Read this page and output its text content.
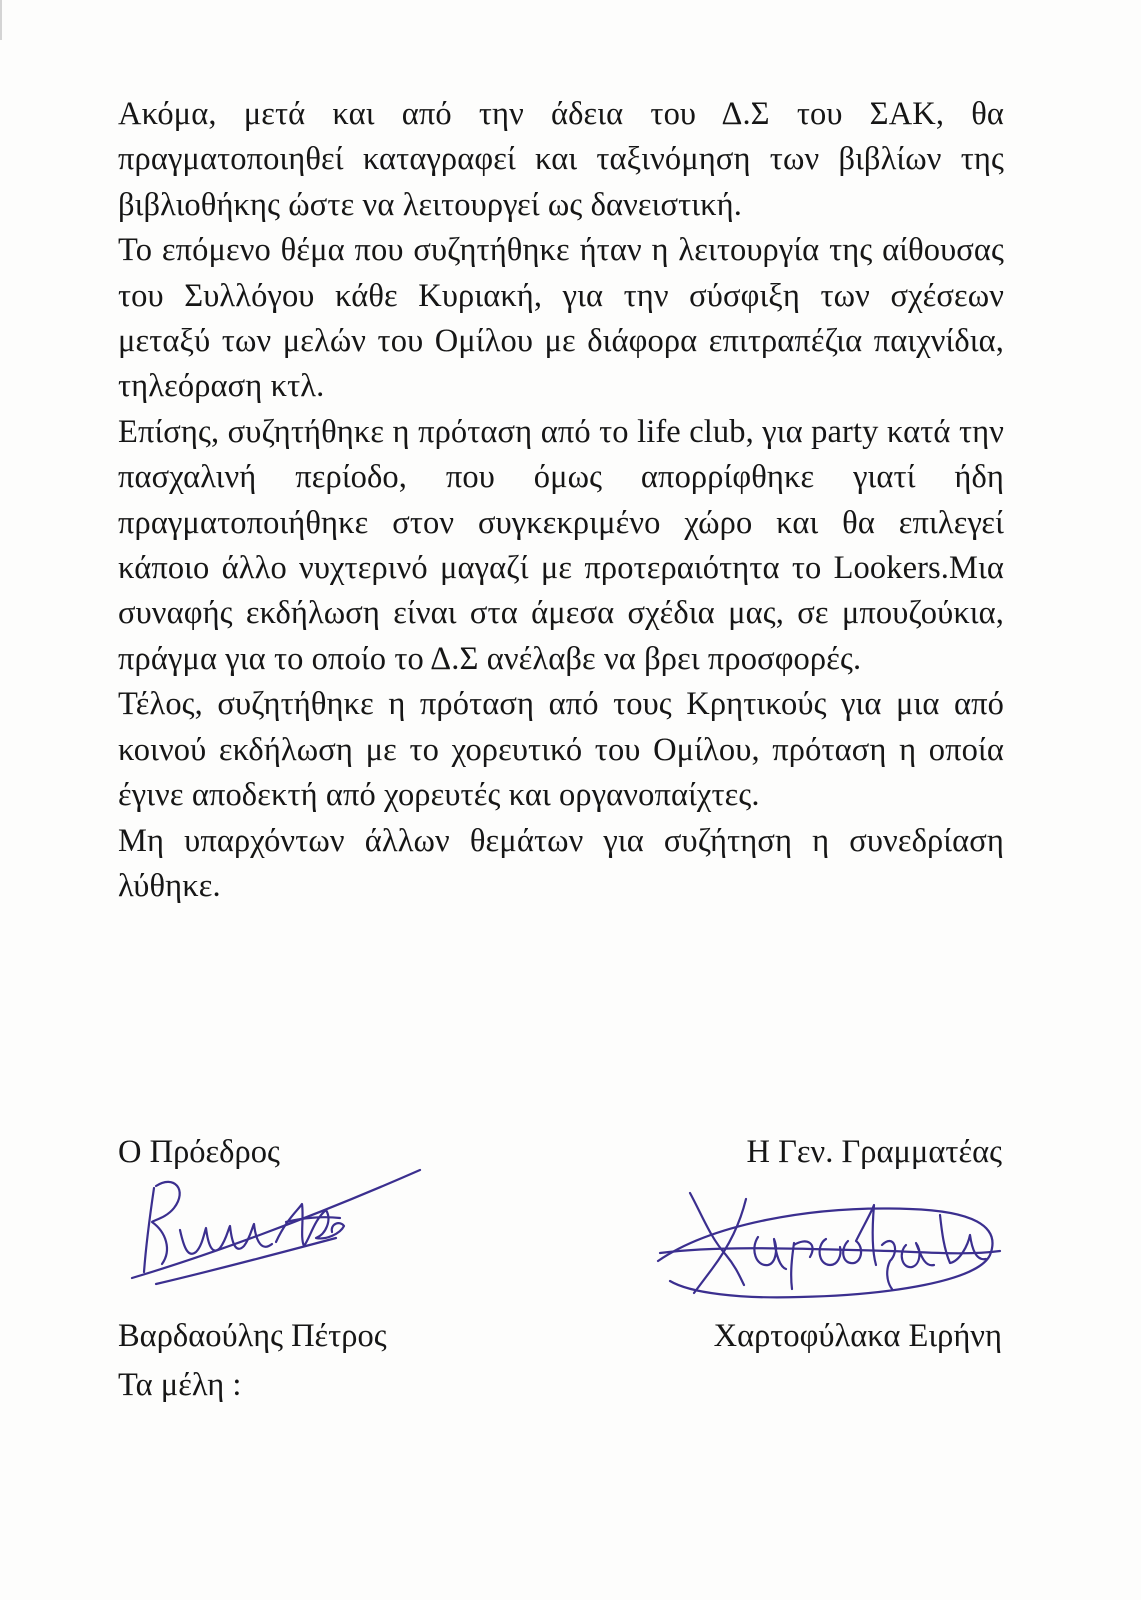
Ακόμα, μετά και από την άδεια του Δ.Σ του ΣΑΚ, θα πραγματοποιηθεί καταγραφεί και ταξινόμηση των βιβλίων της βιβλιοθήκης ώστε να λειτουργεί ως δανειστική.

Το επόμενο θέμα που συζητήθηκε ήταν η λειτουργία της αίθουσας του Συλλόγου κάθε Κυριακή, για την σύσφιξη των σχέσεων μεταξύ των μελών του Ομίλου με διάφορα επιτραπέζια παιχνίδια, τηλεόραση κτλ.

Επίσης, συζητήθηκε η πρόταση από το life club, για party κατά την πασχαλινή περίοδο, που όμως απορρίφθηκε γιατί ήδη πραγματοποιήθηκε στον συγκεκριμένο χώρο και θα επιλεγεί κάποιο άλλο νυχτερινό μαγαζί με προτεραιότητα το Lookers.Μια συναφής εκδήλωση είναι στα άμεσα σχέδια μας, σε μπουζούκια, πράγμα για το οποίο το Δ.Σ ανέλαβε να βρει προσφορές.

Τέλος, συζητήθηκε η πρόταση από τους Κρητικούς για μια από κοινού εκδήλωση με το χορευτικό του Ομίλου, πρόταση η οποία έγινε αποδεκτή από χορευτές και οργανοπαίχτες.

Μη υπαρχόντων άλλων θεμάτων για συζήτηση η συνεδρίαση λύθηκε.

Ο Πρόεδρος	Η Γεν. Γραμματέας

Βαρδαούλης Πέτρος	Χαρτοφύλακα Ειρήνη

Τα μέλη :
